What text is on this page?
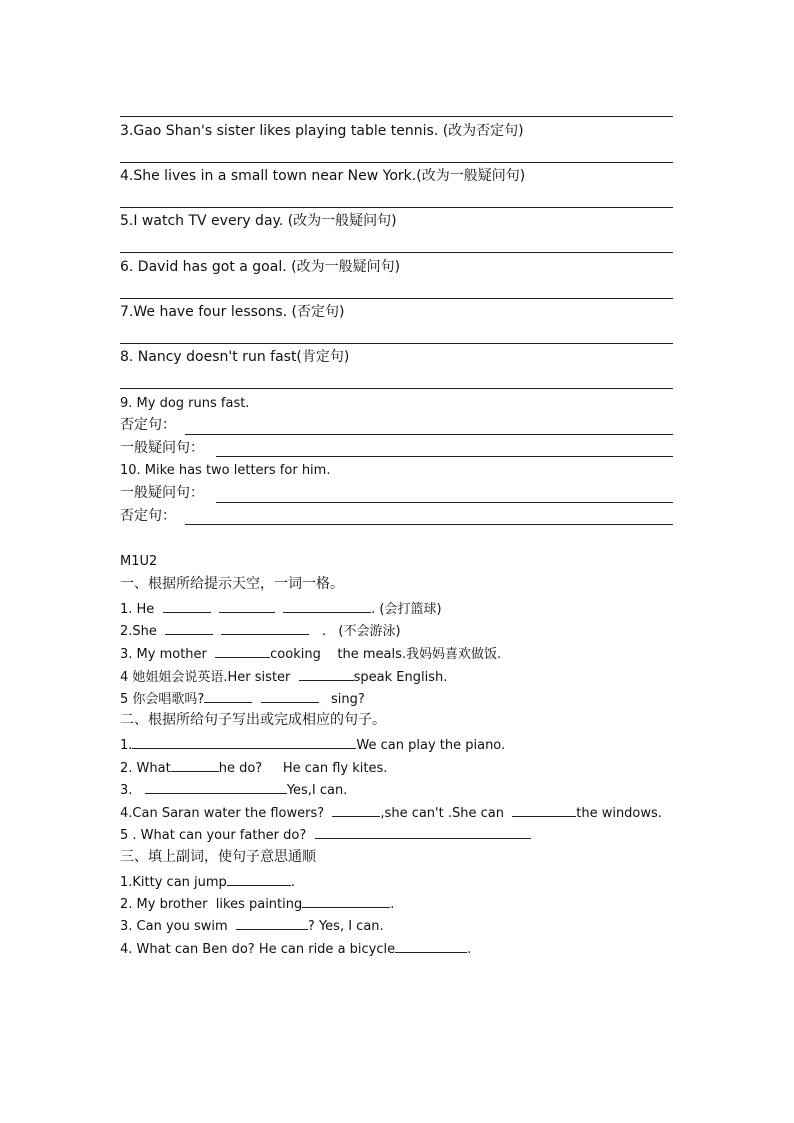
3.Gao Shan's sister likes playing table tennis. (改为否定句)
4.She lives in a small town near New York.(改为一般疑问句)
5.I watch TV every day. (改为一般疑问句)
6. David has got a goal. (改为一般疑问句)
7.We have four lessons. (否定句)
8. Nancy doesn't run fast(肯定句)
9. My dog runs fast.
否定句：
一般疑问句：
10. Mike has two letters for him.
一般疑问句：
否定句：
M1U2
一、根据所给提示天空，一词一格。
1. He	. (会打篮球)
2.She	.   (不会游泳)
3. My mother	cooking    the meals.我妈妈喜欢做饭.
4 她姐姐会说英语.Her sister	speak English.
5 你会唱歌吗?	sing?
二、根据所给句子写出或完成相应的句子。
1.	We can play the piano.
2. What	he do?     He can fly kites.
3.	Yes,I can.
4.Can Saran water the flowers?	,she can't .She can	the windows.
5 . What can your father do?
三、填上副词，使句子意思通顺
1.Kitty can jump	.
2. My brother  likes painting	.
3. Can you swim	? Yes, I can.
4. What can Ben do? He can ride a bicycle	.
